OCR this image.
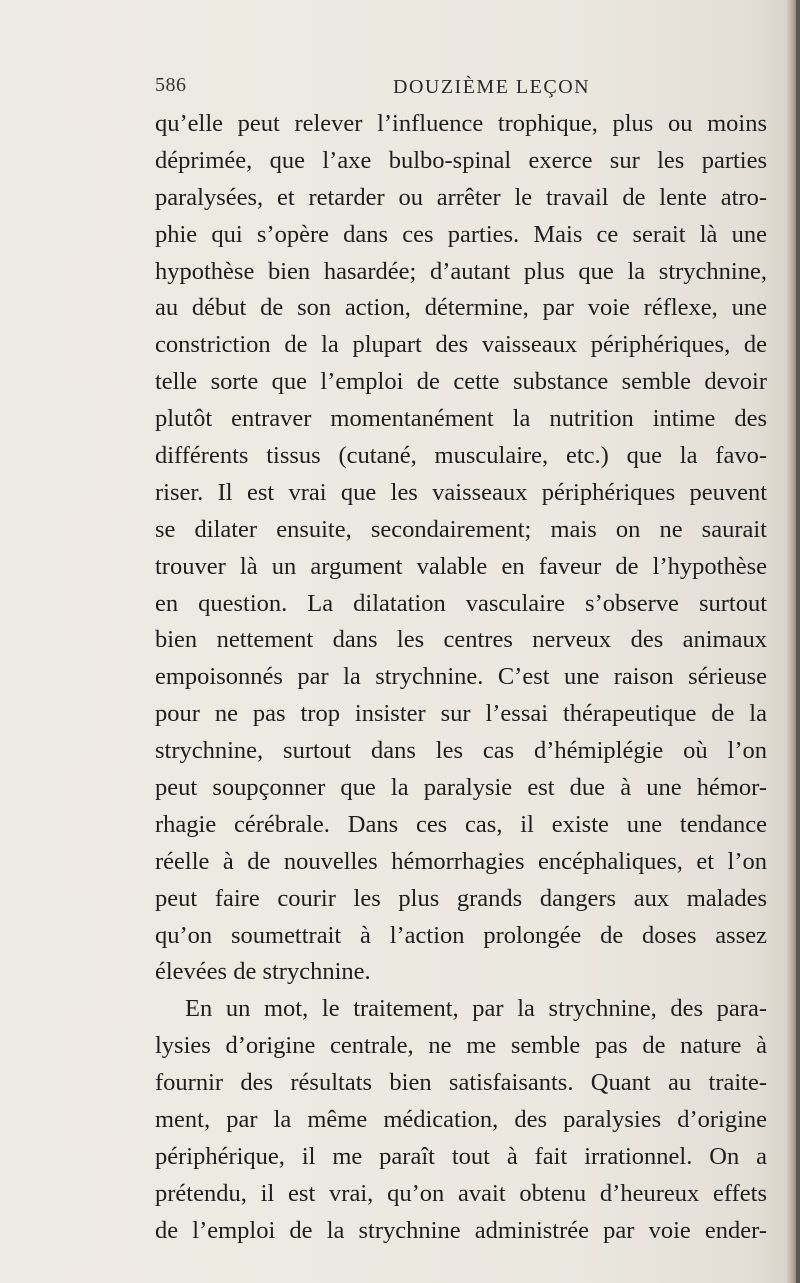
586	DOUZIÈME LEÇON
qu’elle peut relever l’influence trophique, plus ou moins
déprimée, que l’axe bulbo-spinal exerce sur les parties
paralysées, et retarder ou arrêter le travail de lente atro-
phie qui s’opère dans ces parties. Mais ce serait là une
hypothèse bien hasardée; d’autant plus que la strychnine,
au début de son action, détermine, par voie réflexe, une
constriction de la plupart des vaisseaux périphériques, de
telle sorte que l’emploi de cette substance semble devoir
plutôt entraver momentanément la nutrition intime des
différents tissus (cutané, musculaire, etc.) que la favo-
riser. Il est vrai que les vaisseaux périphériques peuvent
se dilater ensuite, secondairement; mais on ne saurait
trouver là un argument valable en faveur de l’hypothèse
en question. La dilatation vasculaire s’observe surtout
bien nettement dans les centres nerveux des animaux
empoisonnés par la strychnine. C’est une raison sérieuse
pour ne pas trop insister sur l’essai thérapeutique de la
strychnine, surtout dans les cas d’hémiplégie où l’on
peut soupçonner que la paralysie est due à une hémor-
rhagie cérébrale. Dans ces cas, il existe une tendance
réelle à de nouvelles hémorrhagies encéphaliques, et l’on
peut faire courir les plus grands dangers aux malades
qu’on soumettrait à l’action prolongée de doses assez
élevées de strychnine.
En un mot, le traitement, par la strychnine, des para-
lysies d’origine centrale, ne me semble pas de nature à
fournir des résultats bien satisfaisants. Quant au traite-
ment, par la même médication, des paralysies d’origine
périphérique, il me paraît tout à fait irrationnel. On a
prétendu, il est vrai, qu’on avait obtenu d’heureux effets
de l’emploi de la strychnine administrée par voie ender-
